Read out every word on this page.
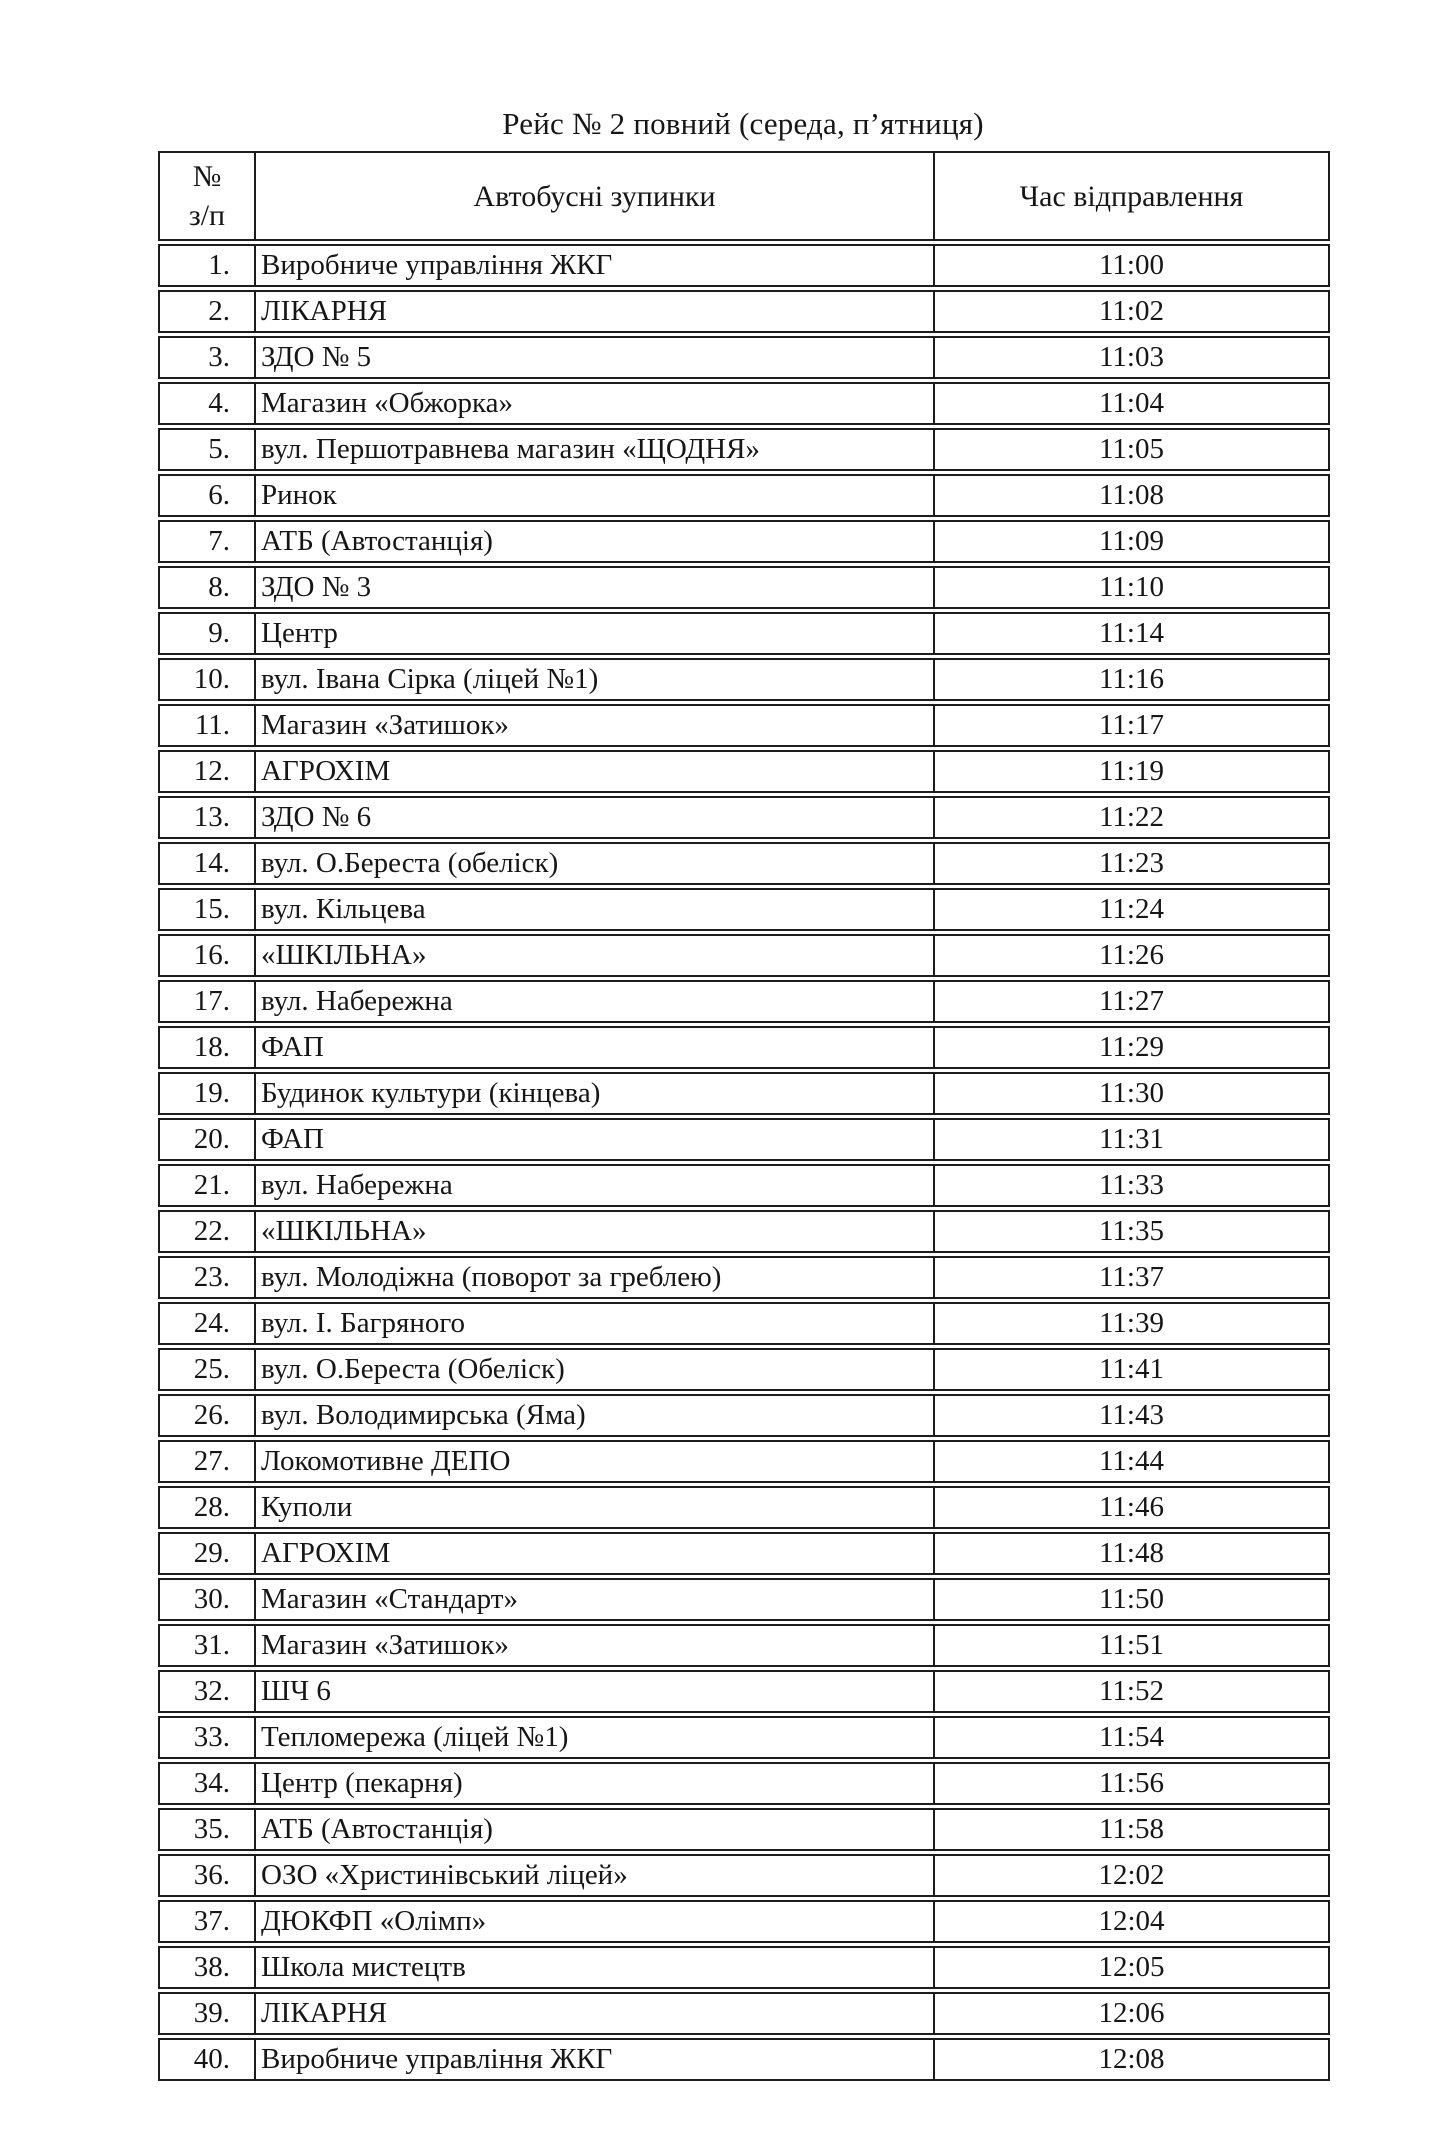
Рейс № 2 повний (середа, п’ятниця)
№
з/п	Автобусні зупинки	Час відправлення
1.	Виробниче управління ЖКГ	11:00
2.	ЛІКАРНЯ	11:02
3.	ЗДО № 5	11:03
4.	Магазин «Обжорка»	11:04
5.	вул. Першотравнева магазин «ЩОДНЯ»	11:05
6.	Ринок	11:08
7.	АТБ (Автостанція)	11:09
8.	ЗДО № 3	11:10
9.	Центр	11:14
10.	вул. Івана Сірка (ліцей №1)	11:16
11.	Магазин «Затишок»	11:17
12.	АГРОХІМ	11:19
13.	ЗДО № 6	11:22
14.	вул. О.Береста (обеліск)	11:23
15.	вул. Кільцева	11:24
16.	«ШКІЛЬНА»	11:26
17.	вул. Набережна	11:27
18.	ФАП	11:29
19.	Будинок культури (кінцева)	11:30
20.	ФАП	11:31
21.	вул. Набережна	11:33
22.	«ШКІЛЬНА»	11:35
23.	вул. Молодіжна (поворот за греблею)	11:37
24.	вул. І. Багряного	11:39
25.	вул. О.Береста (Обеліск)	11:41
26.	вул. Володимирська (Яма)	11:43
27.	Локомотивне ДЕПО	11:44
28.	Куполи	11:46
29.	АГРОХІМ	11:48
30.	Магазин «Стандарт»	11:50
31.	Магазин «Затишок»	11:51
32.	ШЧ 6	11:52
33.	Тепломережа (ліцей №1)	11:54
34.	Центр (пекарня)	11:56
35.	АТБ (Автостанція)	11:58
36.	ОЗО «Христинівський ліцей»	12:02
37.	ДЮКФП «Олімп»	12:04
38.	Школа мистецтв	12:05
39.	ЛІКАРНЯ	12:06
40.	Виробниче управління ЖКГ	12:08
